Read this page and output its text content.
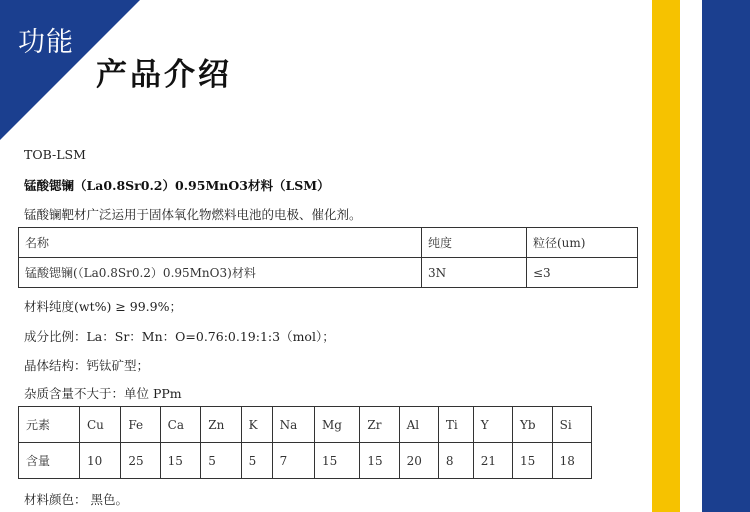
功能
产品介绍
TOB-LSM
锰酸锶镧（La0.8Sr0.2）0.95MnO3材料（LSM）
锰酸镧靶材广泛运用于固体氧化物燃料电池的电极、催化剂。
名称	纯度	粒径(um)
锰酸锶镧(（La0.8Sr0.2）0.95MnO3)材料	3N	≤3
材料纯度(wt%) ≥ 99.9%；
成分比例：La：Sr：Mn：O=0.76:0.19:1:3（mol）；
晶体结构：钙钛矿型；
杂质含量不大于：单位 PPm
元素	Cu	Fe	Ca	Zn	K	Na	Mg	Zr	Al	Ti	Y	Yb	Si
含量	10	25	15	5	5	7	15	15	20	8	21	15	18
材料颜色： 黑色。
